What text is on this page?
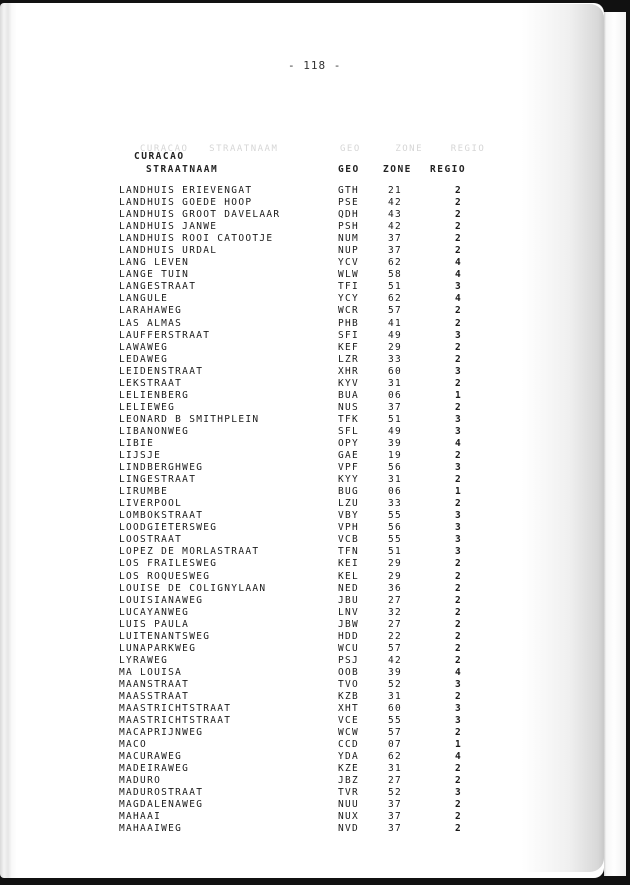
CURACAO   STRAATNAAM	GEO     ZONE    REGIO
- 118 -
CURACAO
STRAATNAAM	GEO ZONE REGIO
LANDHUIS ERIEVENGAT	GTH	21	2
LANDHUIS GOEDE HOOP	PSE	42	2
LANDHUIS GROOT DAVELAAR	QDH	43	2
LANDHUIS JANWE	PSH	42	2
LANDHUIS ROOI CATOOTJE	NUM	37	2
LANDHUIS URDAL	NUP	37	2
LANG LEVEN	YCV	62	4
LANGE TUIN	WLW	58	4
LANGESTRAAT	TFI	51	3
LANGULE	YCY	62	4
LARAHAWEG	WCR	57	2
LAS ALMAS	PHB	41	2
LAUFFERSTRAAT	SFI	49	3
LAWAWEG	KEF	29	2
LEDAWEG	LZR	33	2
LEIDENSTRAAT	XHR	60	3
LEKSTRAAT	KYV	31	2
LELIENBERG	BUA	06	1
LELIEWEG	NUS	37	2
LEONARD B SMITHPLEIN	TFK	51	3
LIBANONWEG	SFL	49	3
LIBIE	OPY	39	4
LIJSJE	GAE	19	2
LINDBERGHWEG	VPF	56	3
LINGESTRAAT	KYY	31	2
LIRUMBE	BUG	06	1
LIVERPOOL	LZU	33	2
LOMBOKSTRAAT	VBY	55	3
LOODGIETERSWEG	VPH	56	3
LOOSTRAAT	VCB	55	3
LOPEZ DE MORLASTRAAT	TFN	51	3
LOS FRAILESWEG	KEI	29	2
LOS ROQUESWEG	KEL	29	2
LOUISE DE COLIGNYLAAN	NED	36	2
LOUISIANAWEG	JBU	27	2
LUCAYANWEG	LNV	32	2
LUIS PAULA	JBW	27	2
LUITENANTSWEG	HDD	22	2
LUNAPARKWEG	WCU	57	2
LYRAWEG	PSJ	42	2
MA LOUISA	OOB	39	4
MAANSTRAAT	TVO	52	3
MAASSTRAAT	KZB	31	2
MAASTRICHTSTRAAT	XHT	60	3
MAASTRICHTSTRAAT	VCE	55	3
MACAPRIJNWEG	WCW	57	2
MACO	CCD	07	1
MACURAWEG	YDA	62	4
MADEIRAWEG	KZE	31	2
MADURO	JBZ	27	2
MADUROSTRAAT	TVR	52	3
MAGDALENAWEG	NUU	37	2
MAHAAI	NUX	37	2
MAHAAIWEG	NVD	37	2
